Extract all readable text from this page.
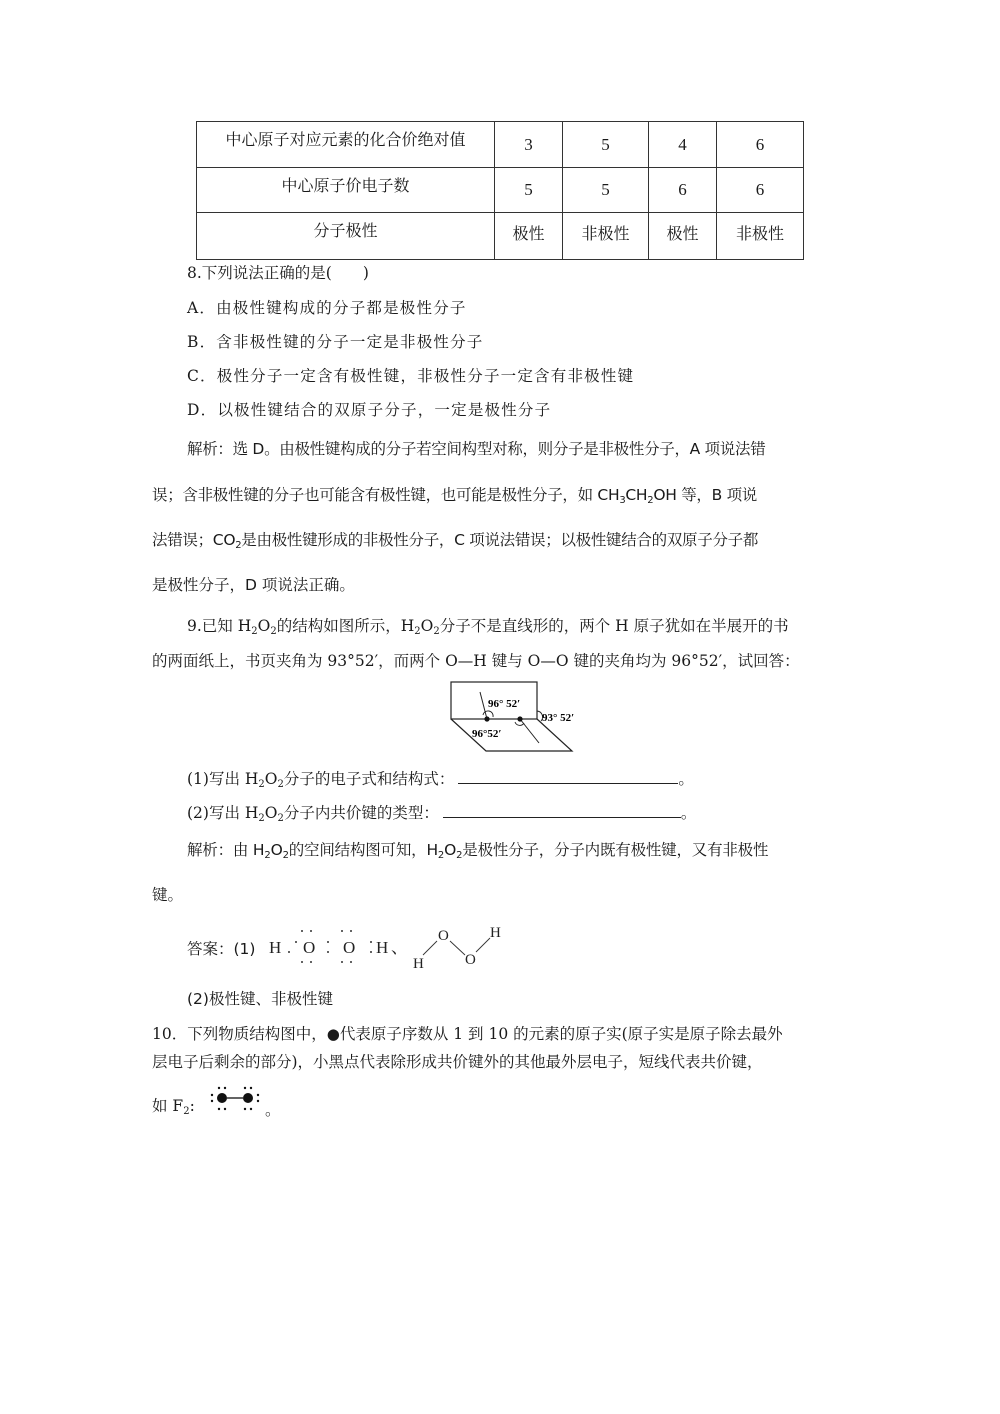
中心原子对应元素的化合价绝对值	3	5	4	6
中心原子价电子数	5	5	6	6
分子极性	极性	非极性	极性	非极性
8.下列说法正确的是(　　)
A．由极性键构成的分子都是极性分子
B．含非极性键的分子一定是非极性分子
C．极性分子一定含有极性键，非极性分子一定含有非极性键
D．以极性键结合的双原子分子，一定是极性分子
解析：选 D。由极性键构成的分子若空间构型对称，则分子是非极性分子，A 项说法错
误；含非极性键的分子也可能含有极性键，也可能是极性分子，如 $CH_3CH_2OH$ 等，B 项说
法错误；$CO_2$是由极性键形成的非极性分子，C 项说法错误；以极性键结合的双原子分子都
是极性分子，D 项说法正确。
9.已知 $H_2O_2$的结构如图所示，$H_2O_2$分子不是直线形的，两个 H 原子犹如在半展开的书
的两面纸上，书页夹角为 93°52′，而两个 O—H 键与 O—O 键的夹角均为 96°52′，试回答：
96° 52′
96°52′
93° 52′
(1)写出 $H_2O_2$分子的电子式和结构式：	。
(2)写出 $H_2O_2$分子内共价键的类型：	。
解析：由 $H_2O_2$的空间结构图可知，$H_2O_2$是极性分子，分子内既有极性键，又有非极性
键。
答案：(1) H O O H 、
O
O
H
H
(2)极性键、非极性键
10．下列物质结构图中，●代表原子序数从 1 到 10 的元素的原子实(原子实是原子除去最外
层电子后剩余的部分)，小黑点代表除形成共价键外的其他最外层电子，短线代表共价键，
如 $F_2$:	。
